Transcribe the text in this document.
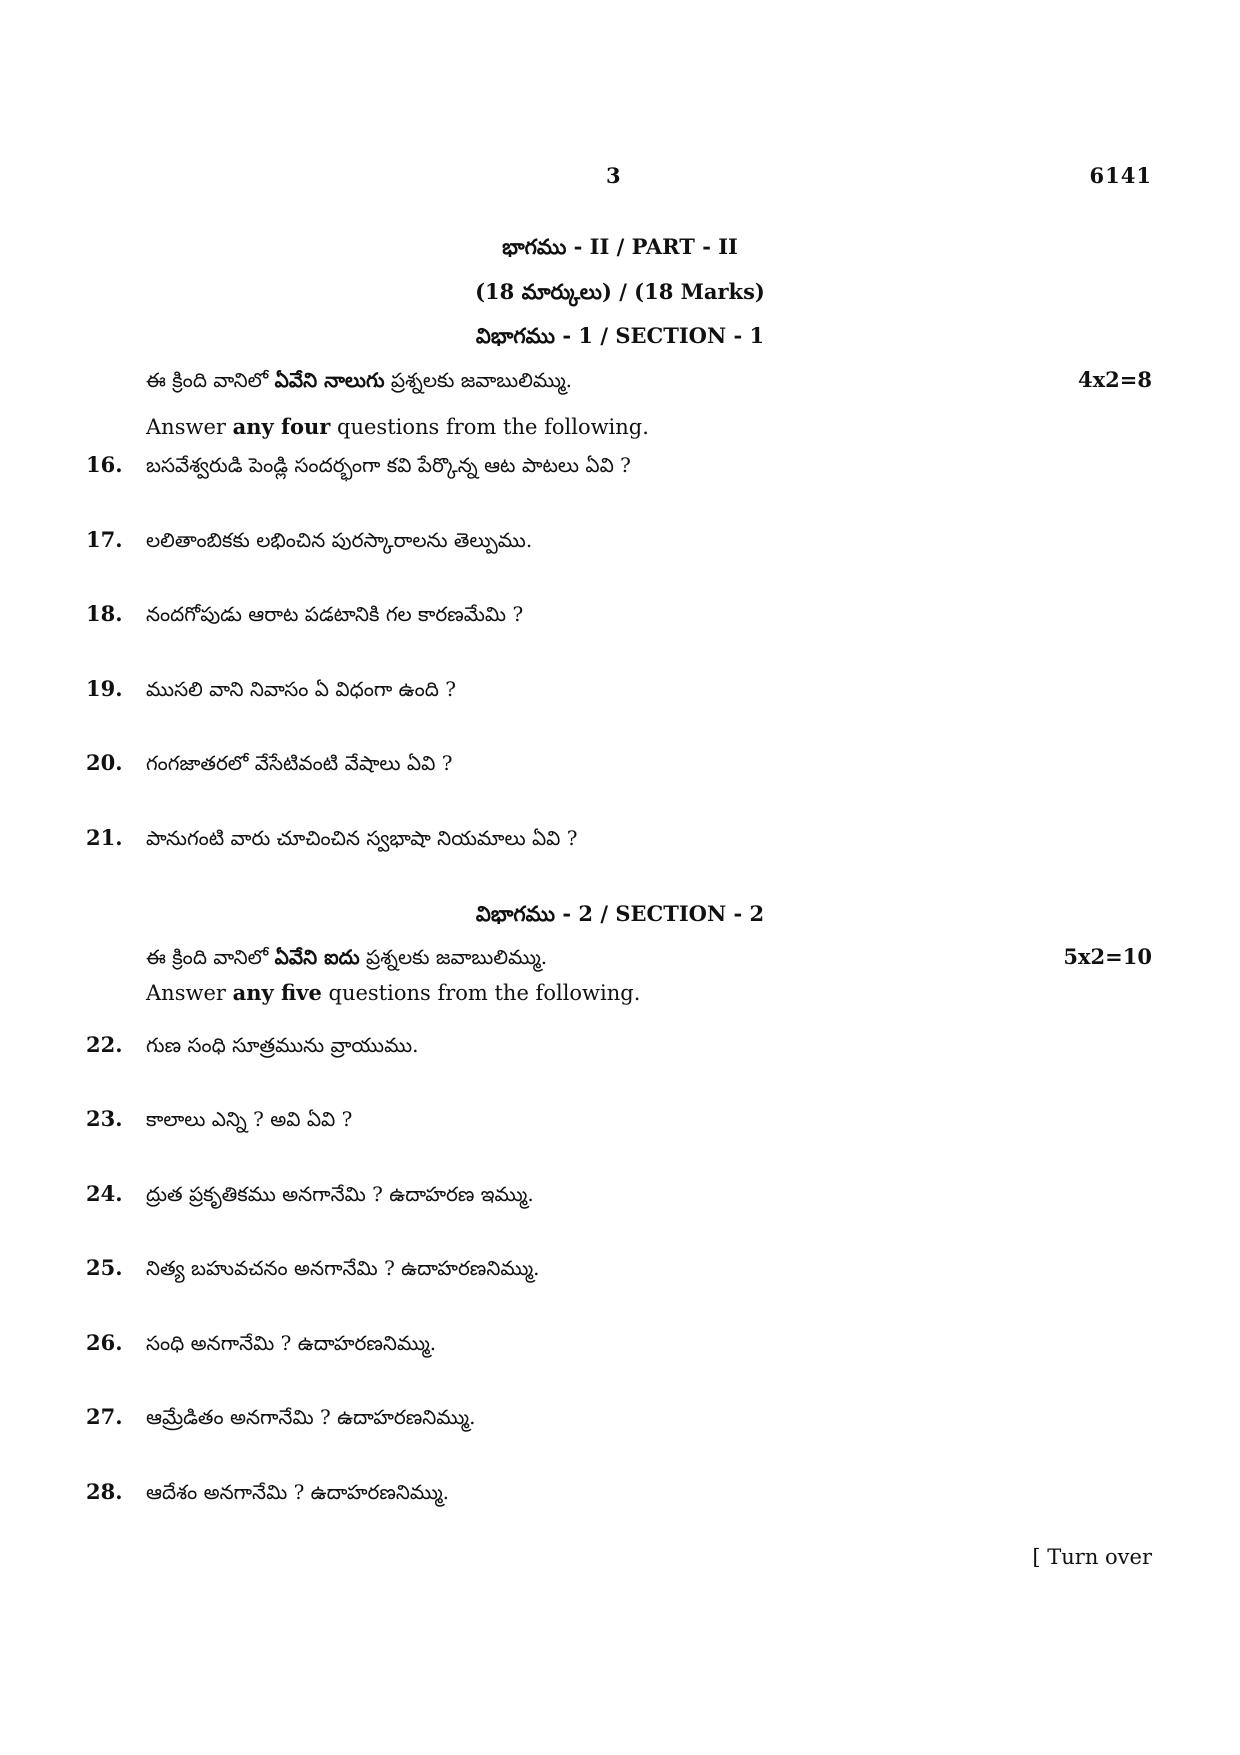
3	6141
భాగము - II / PART - II
(18 మార్కులు) / (18 Marks)
విభాగము - 1 / SECTION - 1
ఈ క్రింది వానిలో ఏవేని నాలుగు ప్రశ్నలకు జవాబులిమ్ము.	4x2=8
Answer any four questions from the following.
16.	బసవేశ్వరుడి పెండ్లి సందర్భంగా కవి పేర్కొన్న ఆట పాటలు ఏవి ?
17.	లలితాంబికకు లభించిన పురస్కారాలను తెల్పుము.
18.	నందగోపుడు ఆరాట పడటానికి గల కారణమేమి ?
19.	ముసలి వాని నివాసం ఏ విధంగా ఉంది ?
20.	గంగజాతరలో వేసేటివంటి వేషాలు ఏవి ?
21.	పానుగంటి వారు చూచించిన స్వభాషా నియమాలు ఏవి ?
విభాగము - 2 / SECTION - 2
ఈ క్రింది వానిలో ఏవేని ఐదు ప్రశ్నలకు జవాబులిమ్ము.	5x2=10
Answer any five questions from the following.
22.	గుణ సంధి సూత్రమును వ్రాయుము.
23.	కాలాలు ఎన్ని ? అవి ఏవి ?
24.	ద్రుత ప్రకృతికము అనగానేమి ? ఉదాహరణ ఇమ్ము.
25.	నిత్య బహువచనం అనగానేమి ? ఉదాహరణనిమ్ము.
26.	సంధి అనగానేమి ? ఉదాహరణనిమ్ము.
27.	ఆమ్రేడితం అనగానేమి ? ఉదాహరణనిమ్ము.
28.	ఆదేశం అనగానేమి ? ఉదాహరణనిమ్ము.
[ Turn over
